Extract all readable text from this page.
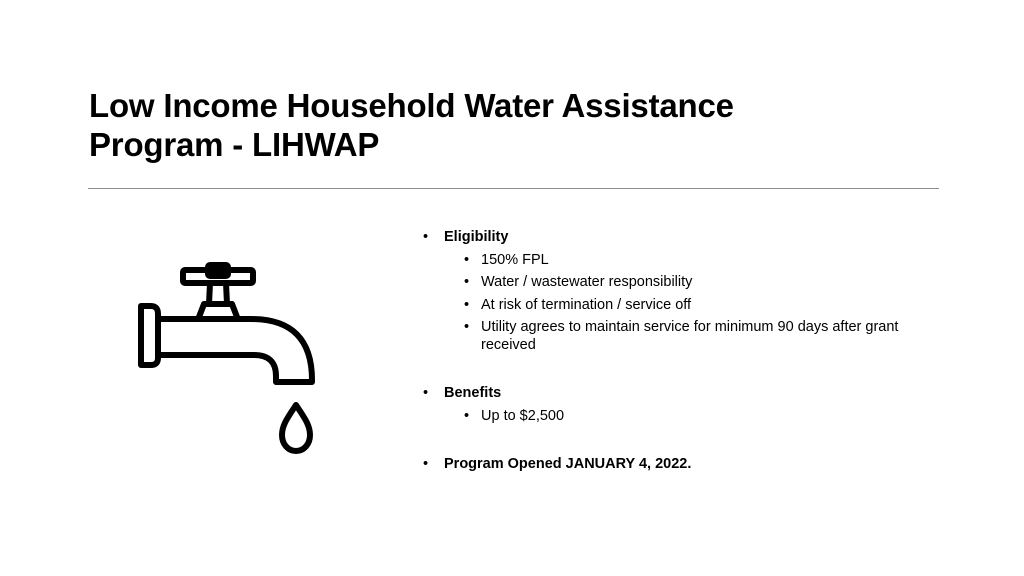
Low Income Household Water Assistance
Program - LIHWAP
• Eligibility
• 150% FPL
• Water / wastewater responsibility
• At risk of termination / service off
• Utility agrees to maintain service for minimum 90 days after grant received
• Benefits
• Up to $2,500
• Program Opened JANUARY 4, 2022.
